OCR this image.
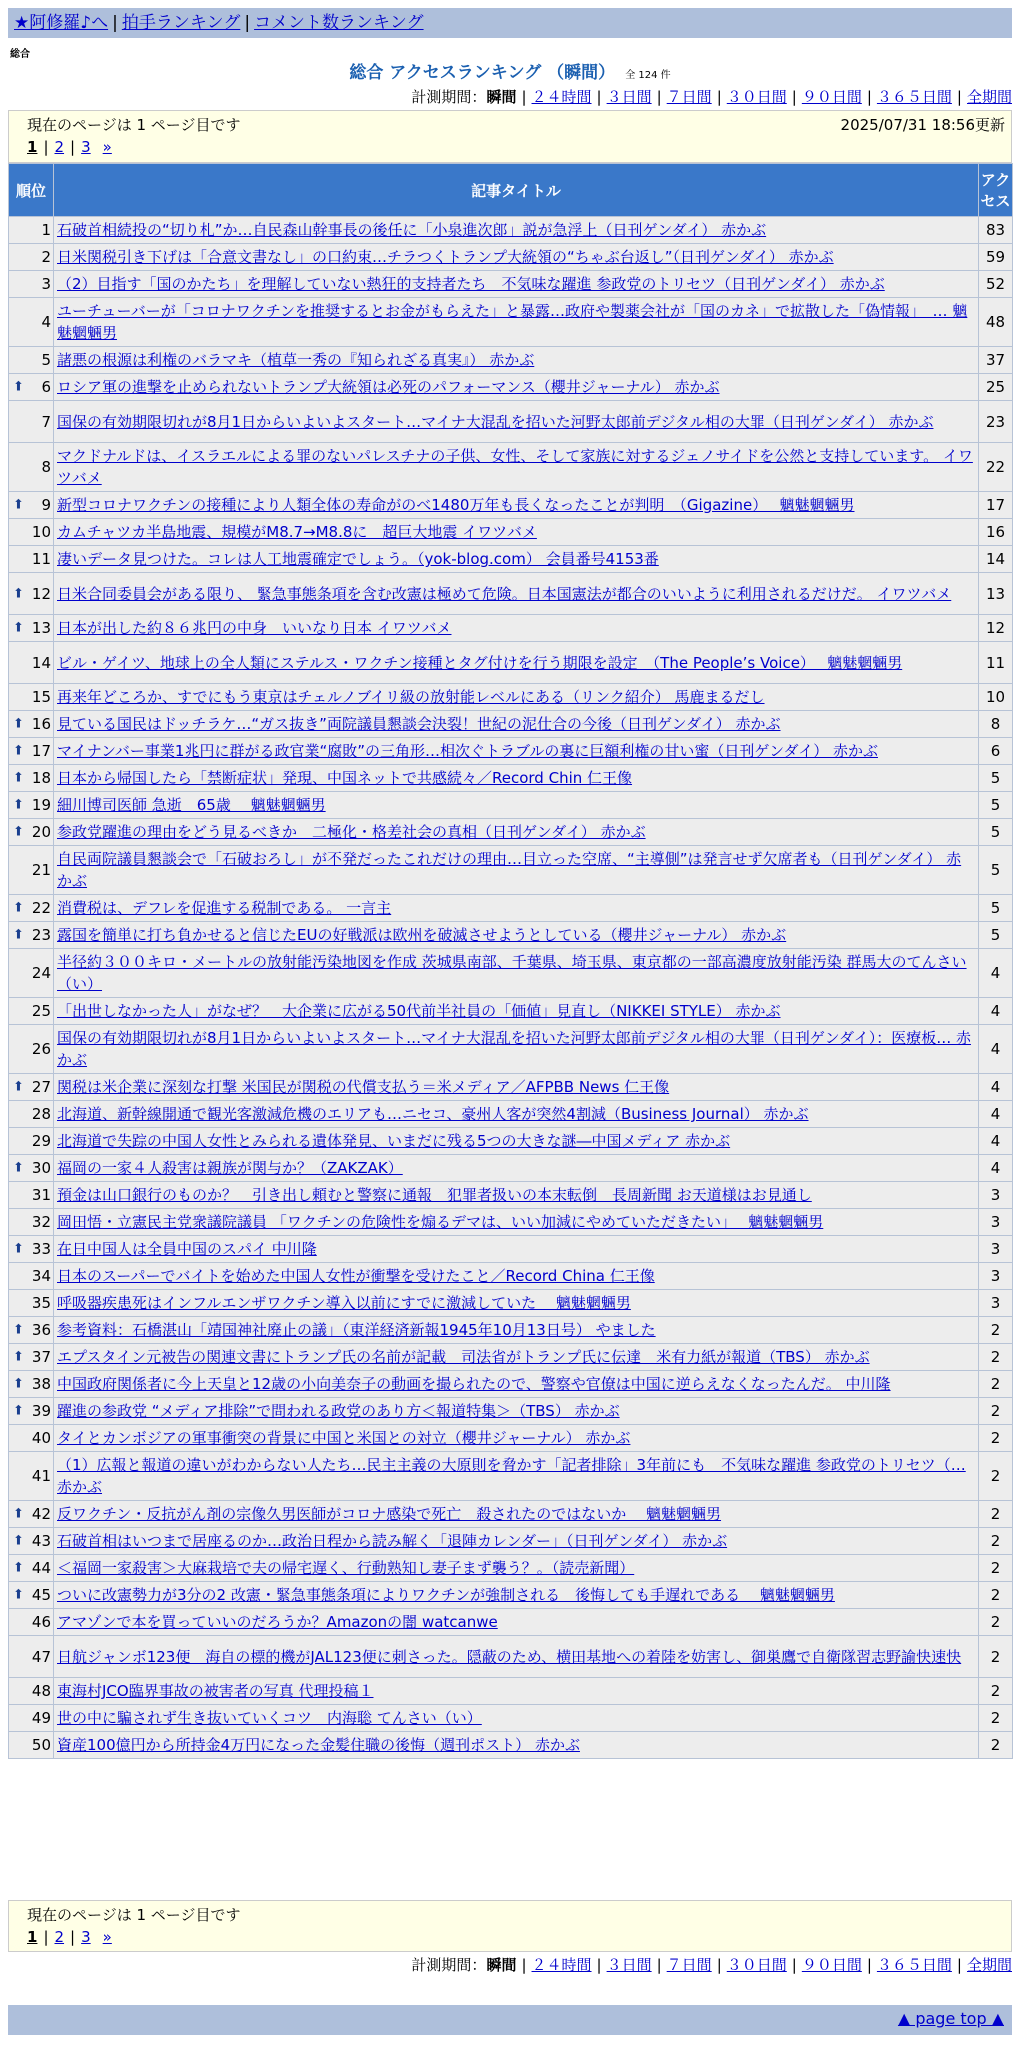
★阿修羅♪へ | 拍手ランキング | コメント数ランキング
総合
総合 アクセスランキング （瞬間） 全 124 件
計測期間：瞬間 | ２４時間 | ３日間 | ７日間 | ３０日間 | ９０日間 | ３６５日間 | 全期間
現在のページは 1 ページ目です	2025/07/31 18:56更新
1 | 2 | 3 »
順位	記事タイトル	アクセス
1	石破首相続投の“切り札”か…自民森山幹事長の後任に「小泉進次郎」説が急浮上（日刊ゲンダイ） 赤かぶ	83
2	日米関税引き下げは「合意文書なし」の口約束…チラつくトランプ大統領の“ちゃぶ台返し”（日刊ゲンダイ） 赤かぶ	59
3	（2）目指す「国のかたち」を理解していない熱狂的支持者たち　不気味な躍進 参政党のトリセツ（日刊ゲンダイ） 赤かぶ	52
4	ユーチューバーが「コロナワクチンを推奨するとお金がもらえた」と暴露…政府や製薬会社が「国のカネ」で拡散した「偽情報」　… 魑魅魍魎男	48
5	諸悪の根源は利権のバラマキ（植草一秀の『知られざる真実』） 赤かぶ	37

⬆ 6	ロシア軍の進撃を止められないトランプ大統領は必死のパフォーマンス（櫻井ジャーナル） 赤かぶ	25
7	国保の有効期限切れが8月1日からいよいよスタート…マイナ大混乱を招いた河野太郎前デジタル相の大罪（日刊ゲンダイ） 赤かぶ	23
8	マクドナルドは、イスラエルによる罪のないパレスチナの子供、女性、そして家族に対するジェノサイドを公然と支持しています。 イワツバメ	22

⬆ 9	新型コロナワクチンの接種により人類全体の寿命がのべ1480万年も長くなったことが判明　（Gigazine）　 魑魅魍魎男	17
10	カムチャツカ半島地震、規模がM8.7→M8.8に　超巨大地震 イワツバメ	16
11	凄いデータ見つけた。コレは人工地震確定でしょう。（yok-blog.com） 会員番号4153番	14

⬆ 12	日米合同委員会がある限り、 緊急事態条項を含む改憲は極めて危険。日本国憲法が都合のいいように利用されるだけだ。 イワツバメ	13

⬆ 13	日本が出した約８６兆円の中身　いいなり日本 イワツバメ	12
14	ビル・ゲイツ、地球上の全人類にステルス・ワクチン接種とタグ付けを行う期限を設定　（The People’s Voice）　 魑魅魍魎男	11
15	再来年どころか、すでにもう東京はチェルノブイリ級の放射能レベルにある（リンク紹介） 馬鹿まるだし	10

⬆ 16	見ている国民はドッチラケ…“ガス抜き”両院議員懇談会決裂！世紀の泥仕合の今後（日刊ゲンダイ） 赤かぶ	8

⬆ 17	マイナンバー事業1兆円に群がる政官業“腐敗”の三角形…相次ぐトラブルの裏に巨額利権の甘い蜜（日刊ゲンダイ） 赤かぶ	6

⬆ 18	日本から帰国したら「禁断症状」発現、中国ネットで共感続々／Record Chin 仁王像	5

⬆ 19	細川博司医師 急逝　65歳　 魑魅魍魎男	5

⬆ 20	参政党躍進の理由をどう見るべきか　二極化・格差社会の真相（日刊ゲンダイ） 赤かぶ	5
21	自民両院議員懇談会で「石破おろし」が不発だったこれだけの理由…目立った空席、“主導側”は発言せず欠席者も（日刊ゲンダイ） 赤かぶ	5

⬆ 22	消費税は、デフレを促進する税制である。 一言主	5

⬆ 23	露国を簡単に打ち負かせると信じたEUの好戦派は欧州を破滅させようとしている（櫻井ジャーナル） 赤かぶ	5
24	半径約３００キロ・メートルの放射能汚染地図を作成 茨城県南部、千葉県、埼玉県、東京都の一部高濃度放射能汚染 群馬大のてんさい（い）	4
25	「出世しなかった人」がなぜ？　大企業に広がる50代前半社員の「価値」見直し（NIKKEI STYLE） 赤かぶ	4
26	国保の有効期限切れが8月1日からいよいよスタート…マイナ大混乱を招いた河野太郎前デジタル相の大罪（日刊ゲンダイ）：医療板… 赤かぶ	4

⬆ 27	関税は米企業に深刻な打撃 米国民が関税の代償支払う＝米メディア／AFPBB News 仁王像	4
28	北海道、新幹線開通で観光客激減危機のエリアも…ニセコ、豪州人客が突然4割減（Business Journal） 赤かぶ	4
29	北海道で失踪の中国人女性とみられる遺体発見、いまだに残る5つの大きな謎―中国メディア 赤かぶ	4

⬆ 30	福岡の一家４人殺害は親族が関与か？（ZAKZAK）	4
31	預金は山口銀行のものか？　引き出し頼むと警察に通報　犯罪者扱いの本末転倒　長周新聞 お天道様はお見通し	3
32	岡田悟・立憲民主党衆議院議員 「ワクチンの危険性を煽るデマは、いい加減にやめていただきたい」　 魑魅魍魎男	3

⬆ 33	在日中国人は全員中国のスパイ 中川隆	3
34	日本のスーパーでバイトを始めた中国人女性が衝撃を受けたこと／Record China 仁王像	3
35	呼吸器疾患死はインフルエンザワクチン導入以前にすでに激減していた　 魑魅魍魎男	3

⬆ 36	参考資料：石橋湛山「靖国神社廃止の議」（東洋経済新報1945年10月13日号） やました	2

⬆ 37	エプスタイン元被告の関連文書にトランプ氏の名前が記載　司法省がトランプ氏に伝達　米有力紙が報道（TBS） 赤かぶ	2

⬆ 38	中国政府関係者に今上天皇と12歳の小向美奈子の動画を撮られたので、警察や官僚は中国に逆らえなくなったんだ。 中川隆	2

⬆ 39	躍進の参政党 “メディア排除”で問われる政党のあり方＜報道特集＞（TBS） 赤かぶ	2
40	タイとカンボジアの軍事衝突の背景に中国と米国との対立（櫻井ジャーナル） 赤かぶ	2
41	（1）広報と報道の違いがわからない人たち…民主主義の大原則を脅かす「記者排除」3年前にも　不気味な躍進 参政党のトリセツ（… 赤かぶ	2

⬆ 42	反ワクチン・反抗がん剤の宗像久男医師がコロナ感染で死亡　殺されたのではないか　 魑魅魍魎男	2

⬆ 43	石破首相はいつまで居座るのか…政治日程から読み解く「退陣カレンダー」（日刊ゲンダイ） 赤かぶ	2

⬆ 44	＜福岡一家殺害＞大麻栽培で夫の帰宅遅く、行動熟知し妻子まず襲う？。（読売新聞）	2

⬆ 45	ついに改憲勢力が3分の2 改憲・緊急事態条項によりワクチンが強制される　後悔しても手遅れである　 魑魅魍魎男	2
46	アマゾンで本を買っていいのだろうか？Amazonの闇 watcanwe	2
47	日航ジャンボ123便　海自の標的機がJAL123便に刺さった。隠蔽のため、横田基地への着陸を妨害し、御巣鷹で自衛隊習志野諭快速快	2
48	東海村JCO臨界事故の被害者の写真 代理投稿１	2
49	世の中に騙されず生き抜いていくコツ　内海聡 てんさい（い）	2
50	資産100億円から所持金4万円になった金髪住職の後悔（週刊ポスト） 赤かぶ	2
計測期間：瞬間 | ２４時間 | ３日間 | ７日間 | ３０日間 | ９０日間 | ３６５日間 | 全期間
▲ page top ▲
現在のページは 1 ページ目です
1 | 2 | 3 »
